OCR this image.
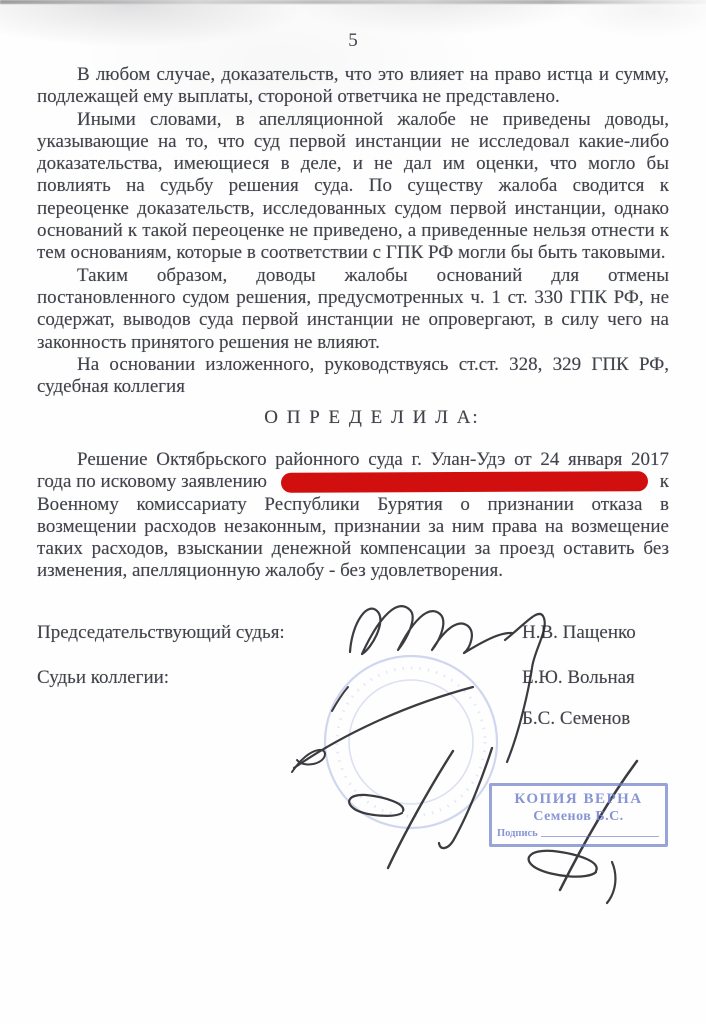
5
В любом случае, доказательств, что это влияет на право истца и сумму,
подлежащей ему выплаты, стороной ответчика не представлено.
Иными словами, в апелляционной жалобе не приведены доводы,
указывающие на то, что суд первой инстанции не исследовал какие-либо
доказательства, имеющиеся в деле, и не дал им оценки, что могло бы
повлиять на судьбу решения суда. По существу жалоба сводится к
переоценке доказательств, исследованных судом первой инстанции, однако
оснований к такой переоценке не приведено, а приведенные нельзя отнести к
тем основаниям, которые в соответствии с ГПК РФ могли бы быть таковыми.
Таким образом, доводы жалобы оснований для отмены
постановленного судом решения, предусмотренных ч. 1 ст. 330 ГПК РФ, не
содержат, выводов суда первой инстанции не опровергают, в силу чего на
законность принятого решения не влияют.
На основании изложенного, руководствуясь ст.ст. 328, 329 ГПК РФ,
судебная коллегия
О П Р Е Д Е Л И Л А:
Решение Октябрьского районного суда г. Улан-Удэ от 24 января 2017
года по исковому заявлению	к
Военному комиссариату Республики Бурятия о признании отказа в
возмещении расходов незаконным, признании за ним права на возмещение
таких расходов, взыскании денежной компенсации за проезд оставить без
изменения, апелляционную жалобу - без удовлетворения.
Председательствующий судья:	Н.В. Пащенко
Судьи коллегии:	Е.Ю. Вольная
Б.С. Семенов
КОПИЯ ВЕРНА
Семенов Б.С.
Подпись
